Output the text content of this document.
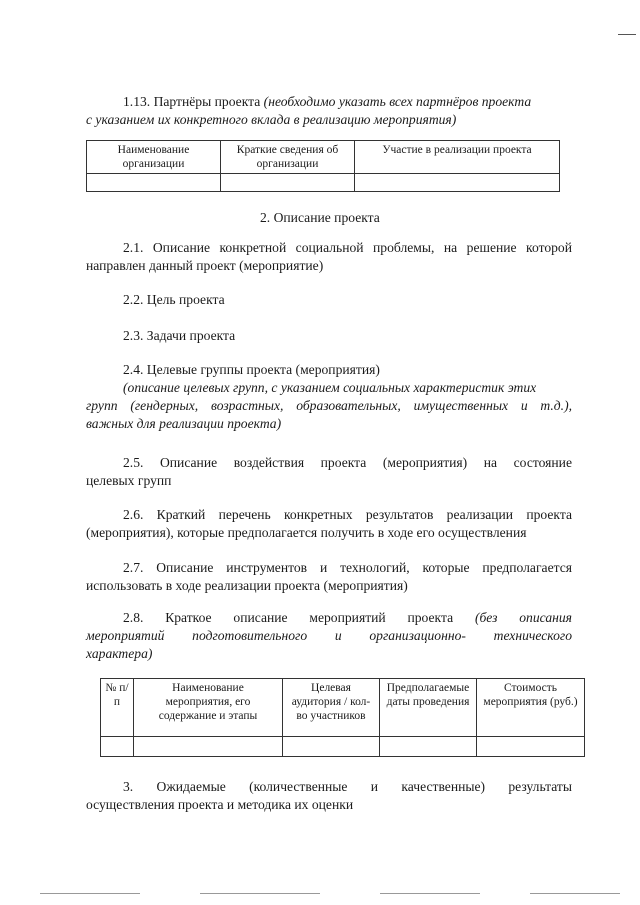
1.13. Партнёры проекта (необходимо указать всех партнёров проекта
с указанием их конкретного вклада в реализацию мероприятия)
Наименование организации	Краткие сведения об организации	Участие в реализации проекта

2. Описание проекта
2.1. Описание конкретной социальной проблемы, на решение которой
направлен данный проект (мероприятие)
2.2. Цель проекта
2.3. Задачи проекта
2.4. Целевые группы проекта (мероприятия)
(описание целевых групп, с указанием социальных характеристик этих
групп (гендерных, возрастных, образовательных, имущественных и т.д.),
важных для реализации проекта)
2.5. Описание воздействия проекта (мероприятия) на состояние
целевых групп
2.6. Краткий перечень конкретных результатов реализации проекта
(мероприятия), которые предполагается получить в ходе его осуществления
2.7. Описание инструментов и технологий, которые предполагается
использовать в ходе реализации проекта (мероприятия)
2.8. Краткое описание мероприятий проекта (без описания
мероприятий подготовительного и организационно- технического
характера)
№ п/п	Наименование мероприятия, его содержание и этапы	Целевая аудитория / кол-во участников	Предполагаемые даты проведения	Стоимость мероприятия (руб.)

3. Ожидаемые (количественные и качественные) результаты
осуществления проекта и методика их оценки
